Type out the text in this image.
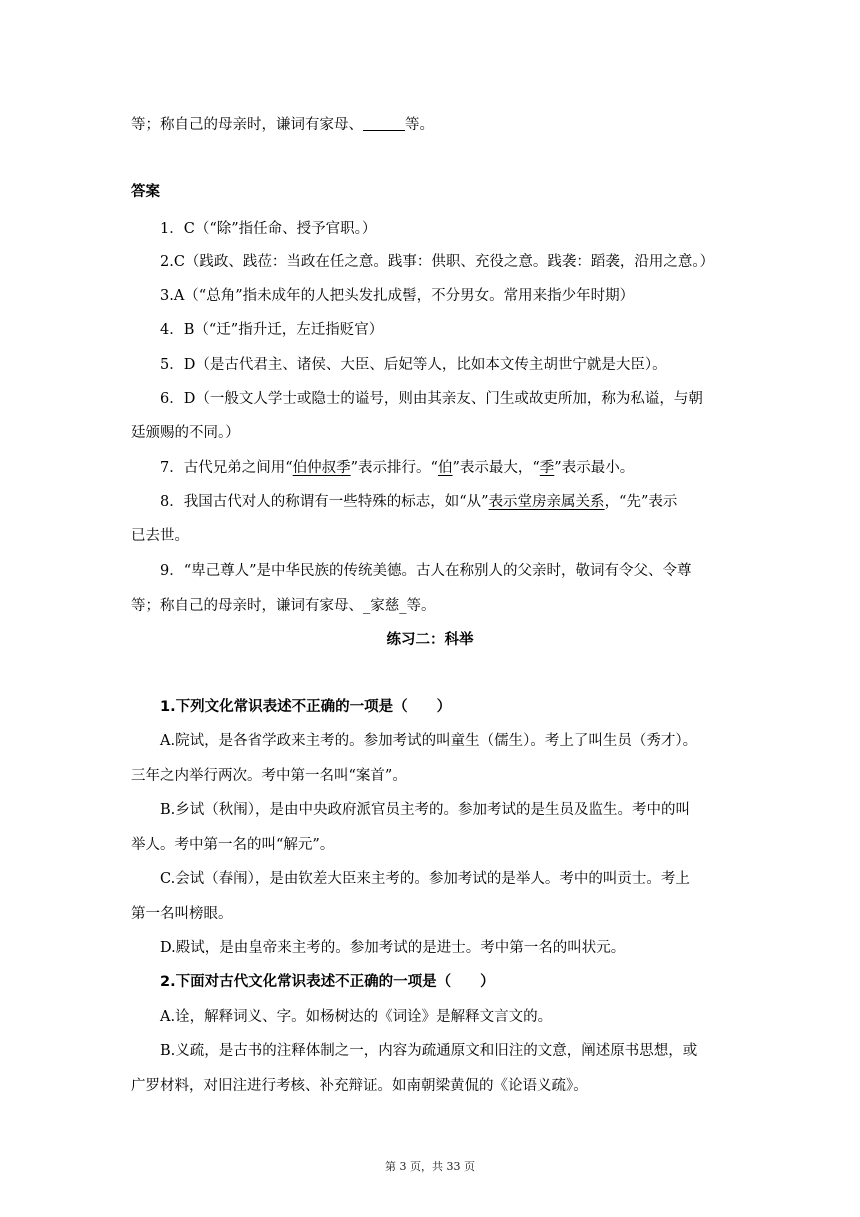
等；称自己的母亲时，谦词有家母、	等。
答案
1．C（“除”指任命、授予官职。）
2.C（践政、践莅：当政在任之意。践事：供职、充役之意。践袭：蹈袭，沿用之意。）
3.A（“总角”指未成年的人把头发扎成髻，不分男女。常用来指少年时期）
4．B（“迁”指升迁，左迁指贬官）
5．D（是古代君主、诸侯、大臣、后妃等人，比如本文传主胡世宁就是大臣）。
6．D（一般文人学士或隐士的谥号，则由其亲友、门生或故吏所加，称为私谥，与朝
廷颁赐的不同。）
7．古代兄弟之间用“伯仲叔季”表示排行。“伯”表示最大，“季”表示最小。
8．我国古代对人的称谓有一些特殊的标志，如“从”表示堂房亲属关系，“先”表示
已去世。
9．“卑己尊人”是中华民族的传统美德。古人在称别人的父亲时，敬词有令父、令尊
等；称自己的母亲时，谦词有家母、_家慈_等。
练习二：科举
1.下列文化常识表述不正确的一项是（　　）
A.院试，是各省学政来主考的。参加考试的叫童生（儒生）。考上了叫生员（秀才）。
三年之内举行两次。考中第一名叫“案首”。
B.乡试（秋闱），是由中央政府派官员主考的。参加考试的是生员及监生。考中的叫
举人。考中第一名的叫“解元”。
C.会试（春闱），是由钦差大臣来主考的。参加考试的是举人。考中的叫贡士。考上
第一名叫榜眼。
D.殿试，是由皇帝来主考的。参加考试的是进士。考中第一名的叫状元。
2.下面对古代文化常识表述不正确的一项是（　　）
A.诠，解释词义、字。如杨树达的《词诠》是解释文言文的。
B.义疏，是古书的注释体制之一，内容为疏通原文和旧注的文意，阐述原书思想，或
广罗材料，对旧注进行考核、补充辩证。如南朝梁黄侃的《论语义疏》。
第 3 页，共 33 页
